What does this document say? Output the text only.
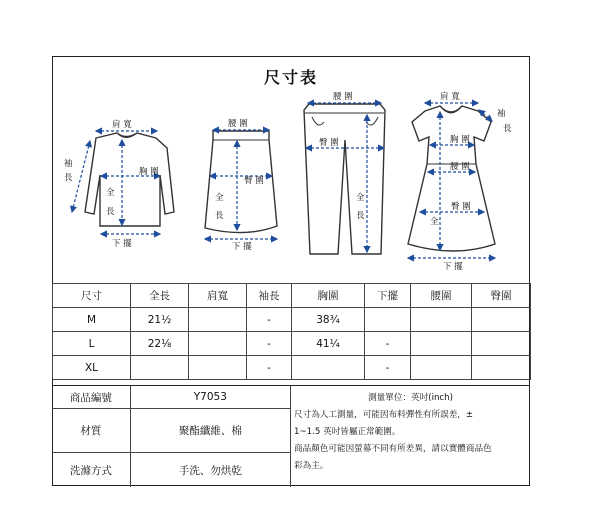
尺寸表
肩 寬
胸 圍
袖
長
全
長
下 擺
腰 圍
臀 圍
全
長
下 擺
腰 圍
臀 圍
全
長
肩 寬
袖
長
胸 圍
腰 圍
臀 圍
全
下 擺
尺寸	全長	肩寬	袖長	胸圍	下擺	腰圍	臀圍
M	21½		-	38¾			
L	22⅛		-	41¼	-		
XL			-		-		
商品編號	Y7053
材質	聚酯纖維、棉
洗滌方式	手洗、勿烘乾
測量單位：英吋(inch)
尺寸為人工測量，可能因布料彈性有所誤差，±
1~1.5 英吋皆屬正常範圍。
商品顏色可能因螢幕不同有所差異，請以實體商品色
彩為主。
